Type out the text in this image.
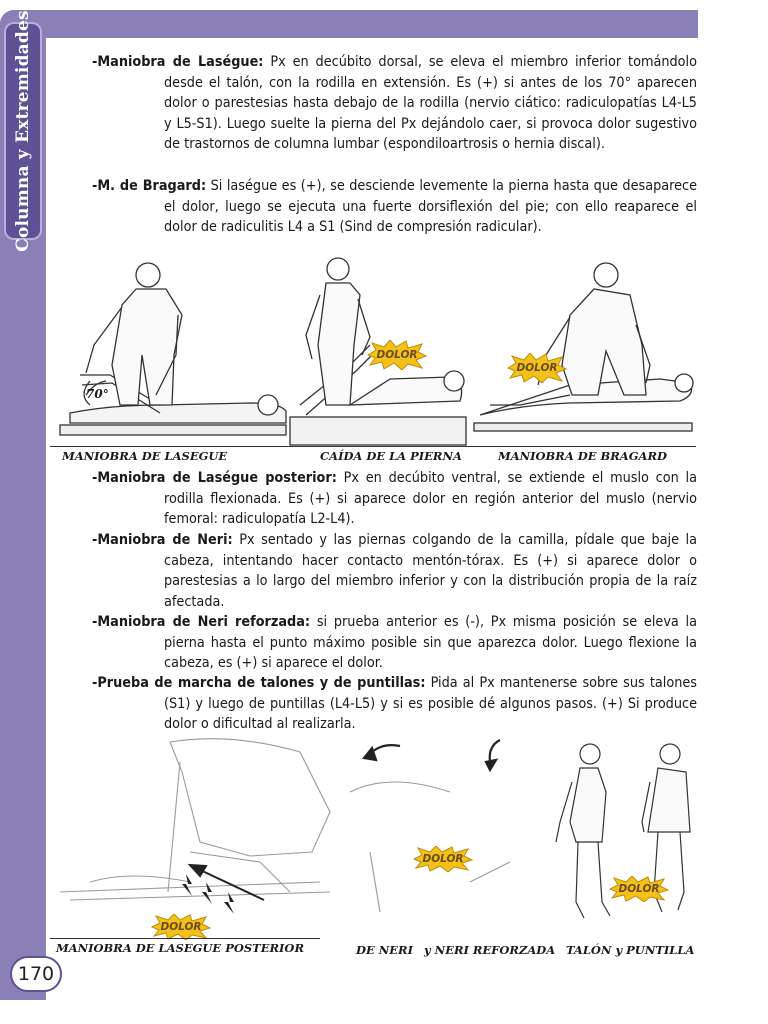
Columna y Extremidades	-Maniobra de Laségue: Px en decúbito dorsal, se eleva el miembro inferior tomándolo desde el talón, con la rodilla en extensión. Es (+) si antes de los 70° aparecen dolor o parestesias hasta debajo de la rodilla (nervio ciático: radiculopatías L4-L5 y L5-S1). Luego suelte la pierna del Px dejándolo caer, si provoca dolor sugestivo de trastornos de columna lumbar (espondiloartrosis o hernia discal).
-M. de Bragard: Si laségue es (+), se desciende levemente la pierna hasta que desaparece el dolor, luego se ejecuta una fuerte dorsiflexión del pie; con ello reaparece el dolor de radiculitis L4 a S1 (Sind de compresión radicular).
70°
DOLOR
DOLOR
MANIOBRA DE LASEGUE	CAÍDA DE LA PIERNA	MANIOBRA DE BRAGARD
-Maniobra de Laségue posterior: Px en decúbito ventral, se extiende el muslo con la rodilla flexionada. Es (+) si aparece dolor en región anterior del muslo (nervio femoral: radiculopatía L2-L4).
-Maniobra de Neri: Px sentado y las piernas colgando de la camilla, pídale que baje la cabeza, intentando hacer contacto mentón-tórax. Es (+) si aparece dolor o parestesias a lo largo del miembro inferior y con la distribución propia de la raíz afectada.
-Maniobra de Neri reforzada: si prueba anterior es (-), Px misma posición se eleva la pierna hasta el punto máximo posible sin que aparezca dolor. Luego flexione la cabeza, es (+) si aparece el dolor.
-Prueba de marcha de talones y de puntillas: Pida al Px mantenerse sobre sus talones (S1) y luego de puntillas (L4-L5) y si es posible dé algunos pasos. (+) Si produce dolor o dificultad al realizarla.
DOLOR
DOLOR
DOLOR
MANIOBRA DE LASEGUE POSTERIOR	DE NERI y NERI REFORZADA TALÓN y PUNTILLA
170
